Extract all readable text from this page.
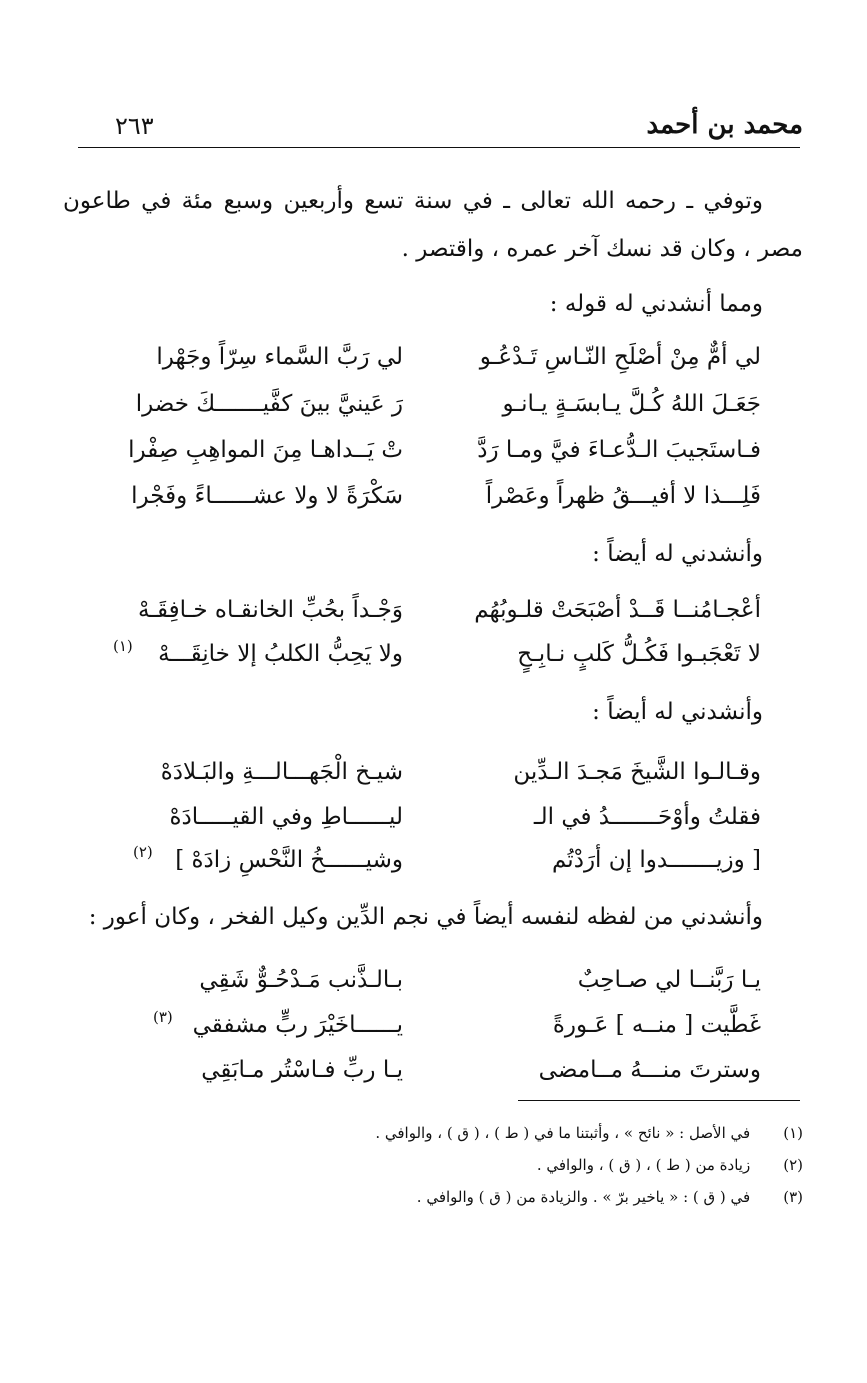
محمد بن أحمد
٢٦٣
وتوفي ـ رحمه الله تعالى ـ في سنة تسع وأربعين وسبع مئة في طاعون مصر ، وكان قد نسك آخر عمره ، واقتصر .
ومما أنشدني له قوله :
لي أمٌّ مِنْ أصْلَحِ النّـاسِ تَـدْعُـو
لي رَبَّ السَّماء سِرّاً وجَهْرا
جَعَـلَ اللهُ كُـلَّ يـابسَـةٍ يـانـو
رَ عَينيَّ بينَ كفَّيـــــــكَ خضرا
فـاستَجيبَ الـدُّعـاءَ فيَّ ومـا رَدَّ
تْ يَــداهـا مِنَ المواهِبِ صِفْرا
فَلِـــذا لا أفيـــقُ ظهراً وعَصْراً
سَكْرَةً لا ولا عشــــــاءً وفَجْرا
وأنشدني له أيضاً :
أعْجـامُنــا قَــدْ أصْبَحَتْ قلـوبُهُم
وَجْـداً بحُبِّ الخانقـاه خـافِقَـهْ
لا تَعْجَبـوا فَكُـلُّ كَلبٍ نـابِـحٍ
ولا يَحِبُّ الكلبُ إلا خانِقَـــهْ
(١)
وأنشدني له أيضاً :
وقـالـوا الشَّيخَ مَجـدَ الـدِّين
شيـخ الْجَهـــالـــةِ والبَـلادَهْ
فقلتُ وأوْحَـــــــدُ في الـ
ليــــــاطِ وفي القيـــــادَهْ
[ وزيـــــــدوا إن أرَدْتُم
وشيــــــخُ النَّحْسِ زادَهْ ]
(٢)
وأنشدني من لفظه لنفسه أيضاً في نجم الدِّين وكيل الفخر ، وكان أعور :
يـا رَبَّنــا لي صـاحِبٌ
بـالـذَّنب مَـدْحُـوٌّ شَقِي
غَطَّيت [ منــه ] عَـورةً
يــــــاخَيْرَ ربٍّ مشفقي
(٣)
وسترتَ منـــهُ مــامضى
يـا ربِّ فـاسْتُر مـابَقِي
(١) في الأصل : « نائح » ، وأثبتنا ما في ( ط ) ، ( ق ) ، والوافي .
(٢) زيادة من ( ط ) ، ( ق ) ، والوافي .
(٣) في ( ق ) : « ياخير برّ » . والزيادة من ( ق ) والوافي .
